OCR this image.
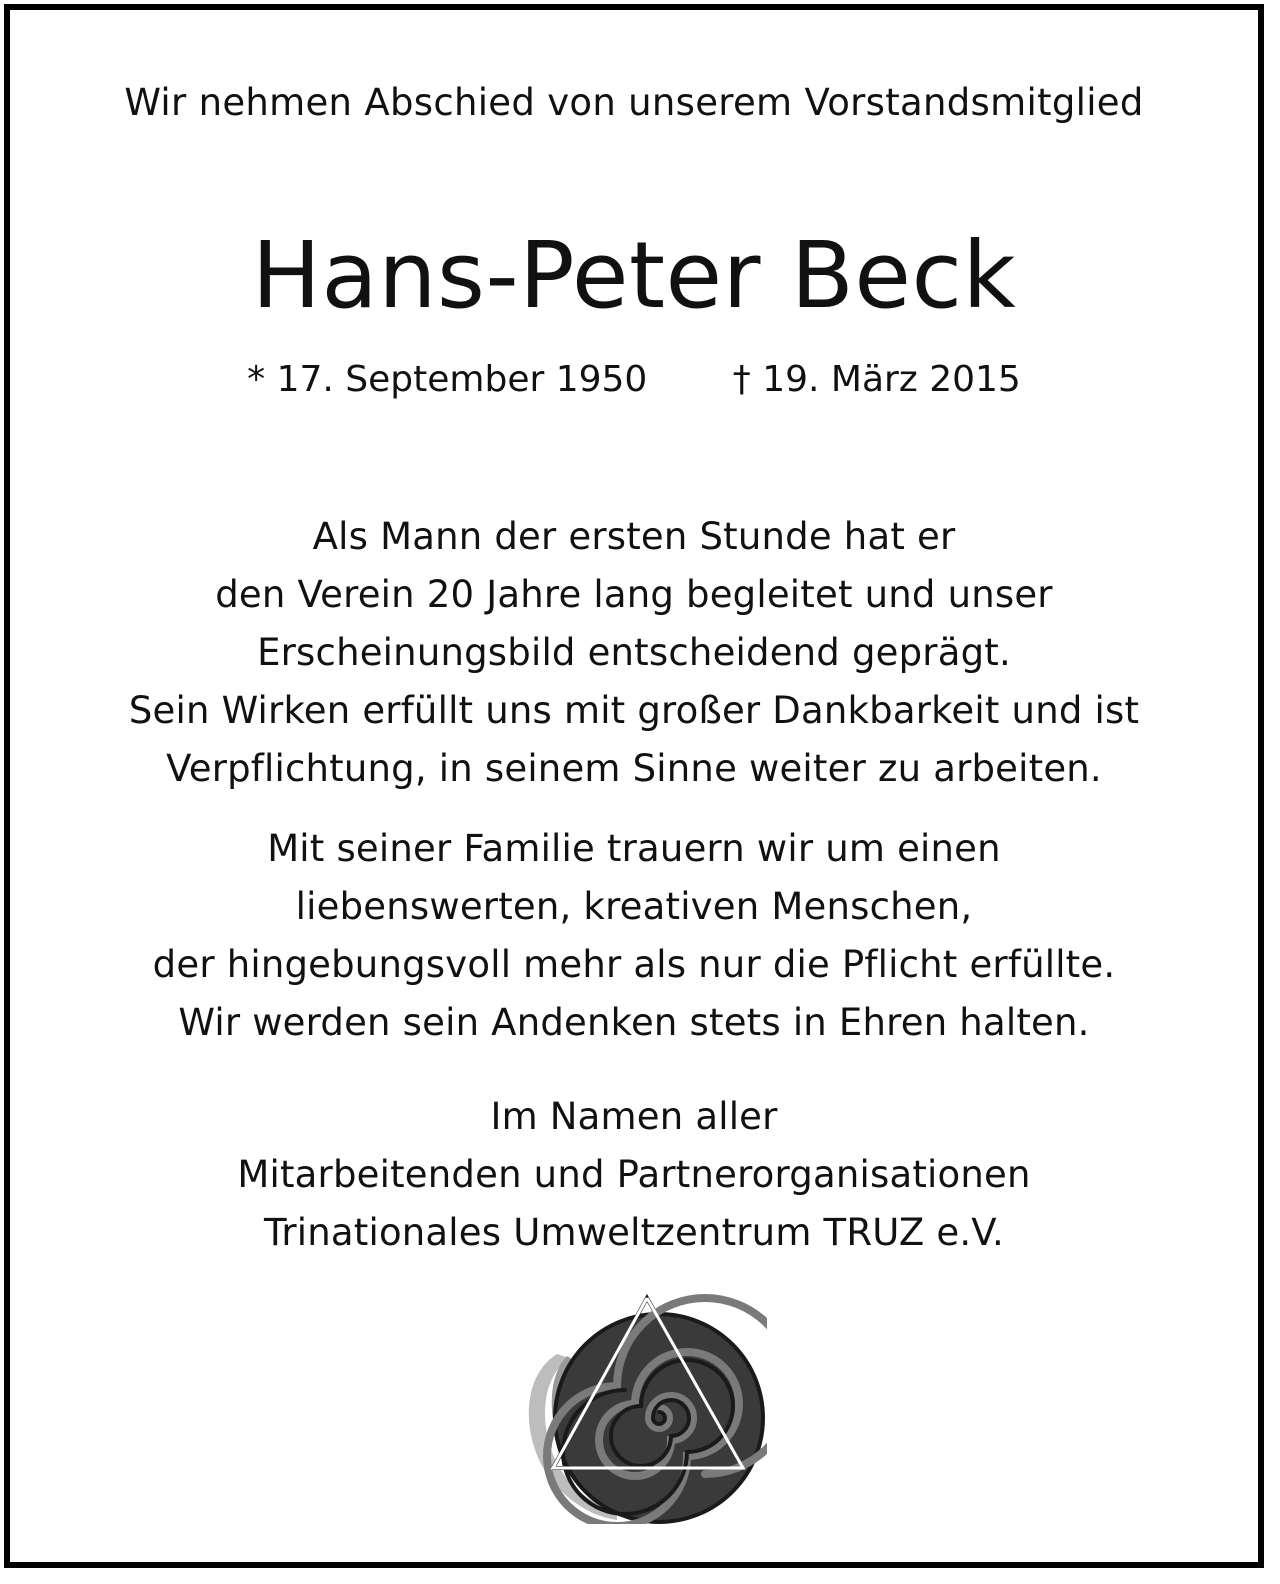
Wir nehmen Abschied von unserem Vorstandsmitglied
Hans-Peter Beck
* 17. September 1950 † 19. März 2015
Als Mann der ersten Stunde hat er
den Verein 20 Jahre lang begleitet und unser
Erscheinungsbild entscheidend geprägt.
Sein Wirken erfüllt uns mit großer Dankbarkeit und ist
Verpflichtung, in seinem Sinne weiter zu arbeiten.
Mit seiner Familie trauern wir um einen
liebenswerten, kreativen Menschen,
der hingebungsvoll mehr als nur die Pflicht erfüllte.
Wir werden sein Andenken stets in Ehren halten.
Im Namen aller
Mitarbeitenden und Partnerorganisationen
Trinationales Umweltzentrum TRUZ e.V.
